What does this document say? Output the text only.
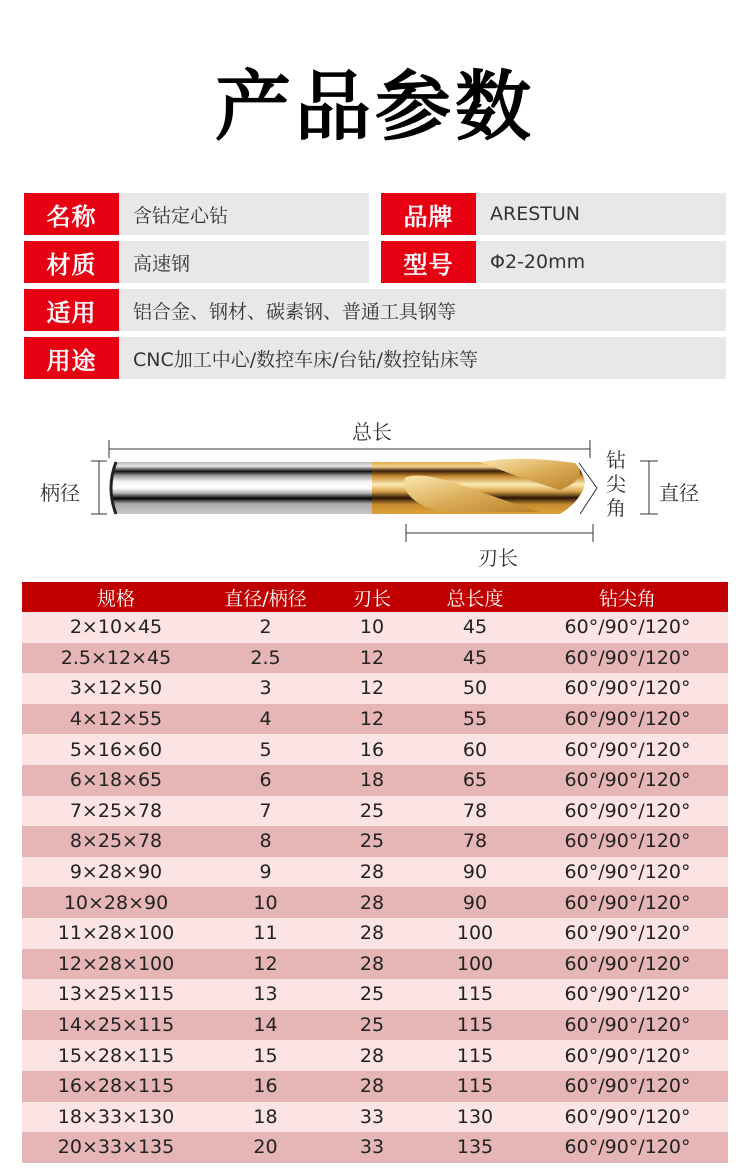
产品参数
名称	含钴定心钻	品牌	ARESTUN
材质	高速钢	型号	Φ2-20mm
适用	铝合金、钢材、碳素钢、普通工具钢等
用途	CNC加工中心/数控车床/台钻/数控钻床等
总长
柄径
钻
尖
角
直径
刃长
规格	直径/柄径	刃长	总长度	钻尖角
2×10×45	2	10	45	60°/90°/120°
2.5×12×45	2.5	12	45	60°/90°/120°
3×12×50	3	12	50	60°/90°/120°
4×12×55	4	12	55	60°/90°/120°
5×16×60	5	16	60	60°/90°/120°
6×18×65	6	18	65	60°/90°/120°
7×25×78	7	25	78	60°/90°/120°
8×25×78	8	25	78	60°/90°/120°
9×28×90	9	28	90	60°/90°/120°
10×28×90	10	28	90	60°/90°/120°
11×28×100	11	28	100	60°/90°/120°
12×28×100	12	28	100	60°/90°/120°
13×25×115	13	25	115	60°/90°/120°
14×25×115	14	25	115	60°/90°/120°
15×28×115	15	28	115	60°/90°/120°
16×28×115	16	28	115	60°/90°/120°
18×33×130	18	33	130	60°/90°/120°
20×33×135	20	33	135	60°/90°/120°
